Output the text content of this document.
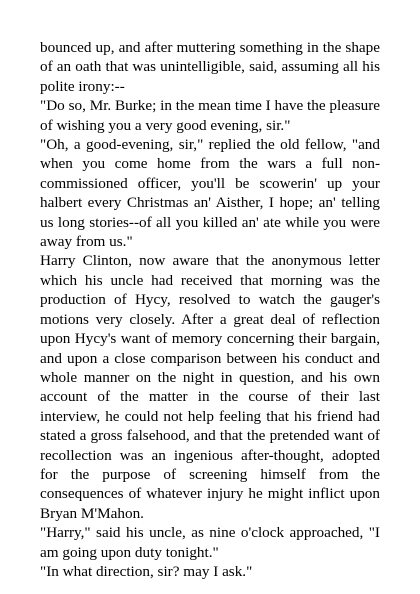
bounced up, and after muttering something in the shape of an oath that was unintelligible, said, assuming all his polite irony:--

"Do so, Mr. Burke; in the mean time I have the pleasure of wishing you a very good evening, sir."

"Oh, a good-evening, sir," replied the old fellow, "and when you come home from the wars a full non-commissioned officer, you'll be scowerin' up your halbert every Christmas an' Aisther, I hope; an' telling us long stories--of all you killed an' ate while you were away from us."

Harry Clinton, now aware that the anonymous letter which his uncle had received that morning was the production of Hycy, resolved to watch the gauger's motions very closely. After a great deal of reflection upon Hycy's want of memory concerning their bargain, and upon a close comparison between his conduct and whole manner on the night in question, and his own account of the matter in the course of their last interview, he could not help feeling that his friend had stated a gross falsehood, and that the pretended want of recollection was an ingenious after-thought, adopted for the purpose of screening himself from the consequences of whatever injury he might inflict upon Bryan M'Mahon.

"Harry," said his uncle, as nine o'clock approached, "I am going upon duty tonight."

"In what direction, sir? may I ask."
